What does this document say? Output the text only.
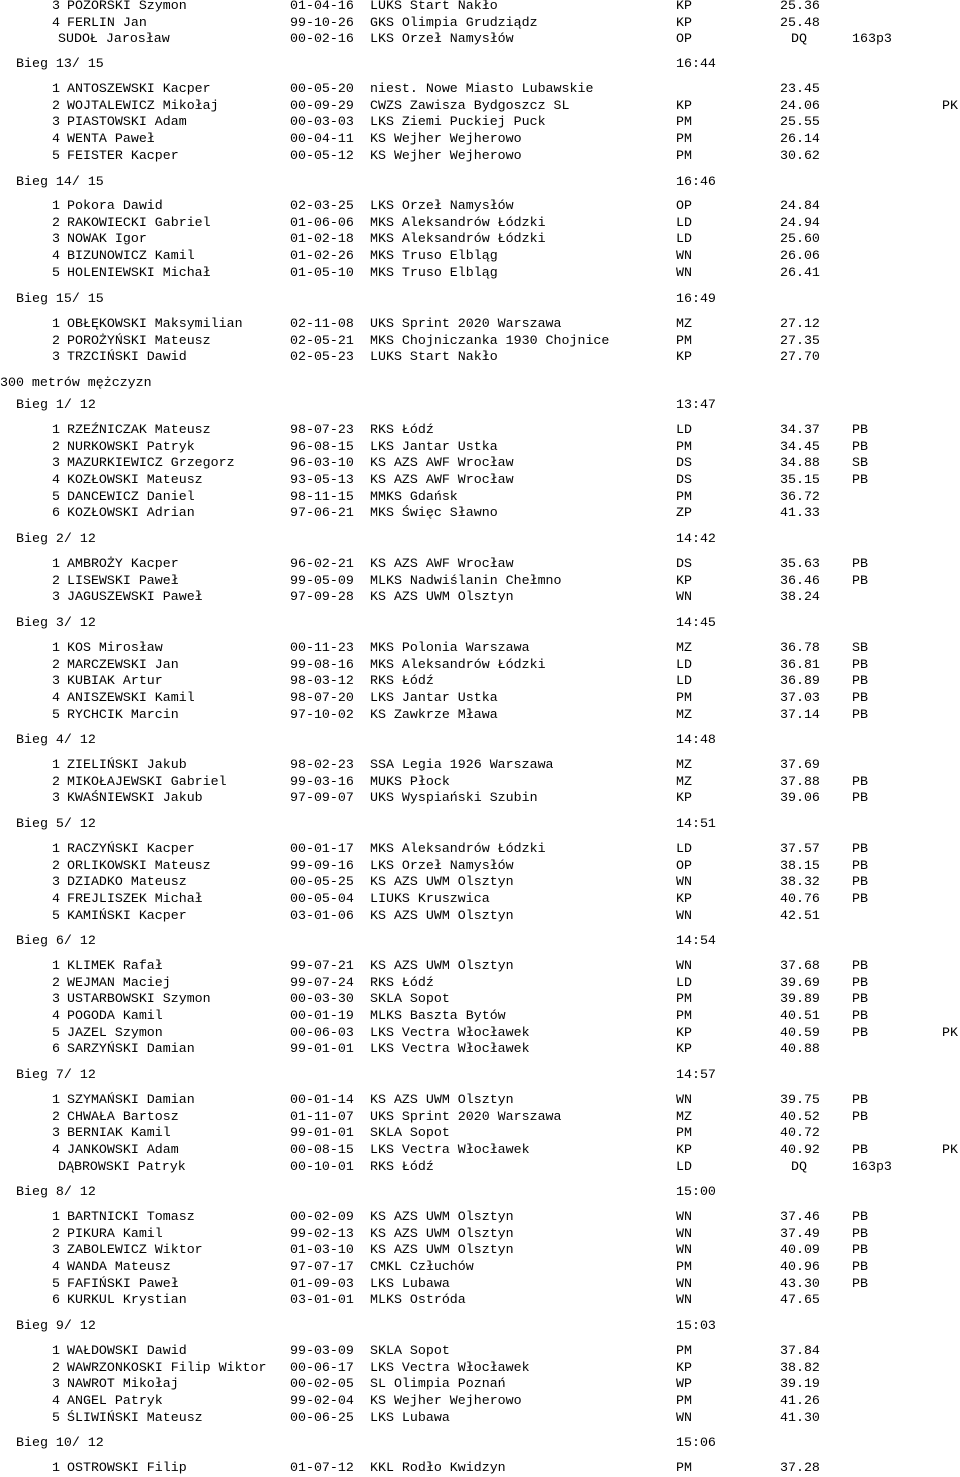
3 POZORSKI Szymon	01-04-16 LUKS Start Nakło	KP	25.36
4 FERLIN Jan	99-10-26 GKS Olimpia Grudziądz	KP	25.48
SUDOŁ Jarosław	00-02-16 LKS Orzeł Namysłów	OP	DQ	163p3
Bieg 13/ 15	16:44
1 ANTOSZEWSKI Kacper	00-05-20 niest. Nowe Miasto Lubawskie	23.45
2 WOJTALEWICZ Mikołaj	00-09-29 CWZS Zawisza Bydgoszcz SL	KP	24.06	PK
3 PIASTOWSKI Adam	00-03-03 LKS Ziemi Puckiej Puck	PM	25.55
4 WENTA Paweł	00-04-11 KS Wejher Wejherowo	PM	26.14
5 FEISTER Kacper	00-05-12 KS Wejher Wejherowo	PM	30.62
Bieg 14/ 15	16:46
1 Pokora Dawid	02-03-25 LKS Orzeł Namysłów	OP	24.84
2 RAKOWIECKI Gabriel	01-06-06 MKS Aleksandrów Łódzki	LD	24.94
3 NOWAK Igor	01-02-18 MKS Aleksandrów Łódzki	LD	25.60
4 BIZUNOWICZ Kamil	01-02-26 MKS Truso Elbląg	WN	26.06
5 HOLENIEWSKI Michał	01-05-10 MKS Truso Elbląg	WN	26.41
Bieg 15/ 15	16:49
1 OBŁĘKOWSKI Maksymilian	02-11-08 UKS Sprint 2020 Warszawa	MZ	27.12
2 POROŻYŃSKI Mateusz	02-05-21 MKS Chojniczanka 1930 Chojnice	PM	27.35
3 TRZCIŃSKI Dawid	02-05-23 LUKS Start Nakło	KP	27.70
300 metrów mężczyzn
Bieg 1/ 12	13:47
1 RZEŹNICZAK Mateusz	98-07-23 RKS Łódź	LD	34.37 PB
2 NURKOWSKI Patryk	96-08-15 LKS Jantar Ustka	PM	34.45 PB
3 MAZURKIEWICZ Grzegorz	96-03-10 KS AZS AWF Wrocław	DS	34.88 SB
4 KOZŁOWSKI Mateusz	93-05-13 KS AZS AWF Wrocław	DS	35.15 PB
5 DANCEWICZ Daniel	98-11-15 MMKS Gdańsk	PM	36.72
6 KOZŁOWSKI Adrian	97-06-21 MKS Święc Sławno	ZP	41.33
Bieg 2/ 12	14:42
1 AMBROŻY Kacper	96-02-21 KS AZS AWF Wrocław	DS	35.63 PB
2 LISEWSKI Paweł	99-05-09 MLKS Nadwiślanin Chełmno	KP	36.46 PB
3 JAGUSZEWSKI Paweł	97-09-28 KS AZS UWM Olsztyn	WN	38.24
Bieg 3/ 12	14:45
1 KOS Mirosław	00-11-23 MKS Polonia Warszawa	MZ	36.78 SB
2 MARCZEWSKI Jan	99-08-16 MKS Aleksandrów Łódzki	LD	36.81 PB
3 KUBIAK Artur	98-03-12 RKS Łódź	LD	36.89 PB
4 ANISZEWSKI Kamil	98-07-20 LKS Jantar Ustka	PM	37.03 PB
5 RYCHCIK Marcin	97-10-02 KS Zawkrze Mława	MZ	37.14 PB
Bieg 4/ 12	14:48
1 ZIELIŃSKI Jakub	98-02-23 SSA Legia 1926 Warszawa	MZ	37.69
2 MIKOŁAJEWSKI Gabriel	99-03-16 MUKS Płock	MZ	37.88 PB
3 KWAŚNIEWSKI Jakub	97-09-07 UKS Wyspiański Szubin	KP	39.06 PB
Bieg 5/ 12	14:51
1 RACZYŃSKI Kacper	00-01-17 MKS Aleksandrów Łódzki	LD	37.57 PB
2 ORLIKOWSKI Mateusz	99-09-16 LKS Orzeł Namysłów	OP	38.15 PB
3 DZIADKO Mateusz	00-05-25 KS AZS UWM Olsztyn	WN	38.32 PB
4 FREJLISZEK Michał	00-05-04 LIUKS Kruszwica	KP	40.76 PB
5 KAMIŃSKI Kacper	03-01-06 KS AZS UWM Olsztyn	WN	42.51
Bieg 6/ 12	14:54
1 KLIMEK Rafał	99-07-21 KS AZS UWM Olsztyn	WN	37.68 PB
2 WEJMAN Maciej	99-07-24 RKS Łódź	LD	39.69 PB
3 USTARBOWSKI Szymon	00-03-30 SKLA Sopot	PM	39.89 PB
4 POGODA Kamil	00-01-19 MLKS Baszta Bytów	PM	40.51 PB
5 JAZEL Szymon	00-06-03 LKS Vectra Włocławek	KP	40.59 PB	PK
6 SARZYŃSKI Damian	99-01-01 LKS Vectra Włocławek	KP	40.88
Bieg 7/ 12	14:57
1 SZYMAŃSKI Damian	00-01-14 KS AZS UWM Olsztyn	WN	39.75 PB
2 CHWAŁA Bartosz	01-11-07 UKS Sprint 2020 Warszawa	MZ	40.52 PB
3 BERNIAK Kamil	99-01-01 SKLA Sopot	PM	40.72
4 JANKOWSKI Adam	00-08-15 LKS Vectra Włocławek	KP	40.92 PB	PK
DĄBROWSKI Patryk	00-10-01 RKS Łódź	LD	DQ	163p3
Bieg 8/ 12	15:00
1 BARTNICKI Tomasz	00-02-09 KS AZS UWM Olsztyn	WN	37.46 PB
2 PIKURA Kamil	99-02-13 KS AZS UWM Olsztyn	WN	37.49 PB
3 ZABOLEWICZ Wiktor	01-03-10 KS AZS UWM Olsztyn	WN	40.09 PB
4 WANDA Mateusz	97-07-17 CMKL Człuchów	PM	40.96 PB
5 FAFIŃSKI Paweł	01-09-03 LKS Lubawa	WN	43.30 PB
6 KURKUL Krystian	03-01-01 MLKS Ostróda	WN	47.65
Bieg 9/ 12	15:03
1 WAŁDOWSKI Dawid	99-03-09 SKLA Sopot	PM	37.84
2 WAWRZONKOSKI Filip Wiktor 00-06-17 LKS Vectra Włocławek	KP	38.82
3 NAWROT Mikołaj	00-02-05 SL Olimpia Poznań	WP	39.19
4 ANGEL Patryk	99-02-04 KS Wejher Wejherowo	PM	41.26
5 ŚLIWIŃSKI Mateusz	00-06-25 LKS Lubawa	WN	41.30
Bieg 10/ 12	15:06
1 OSTROWSKI Filip	01-07-12 KKL Rodło Kwidzyn	PM	37.28
